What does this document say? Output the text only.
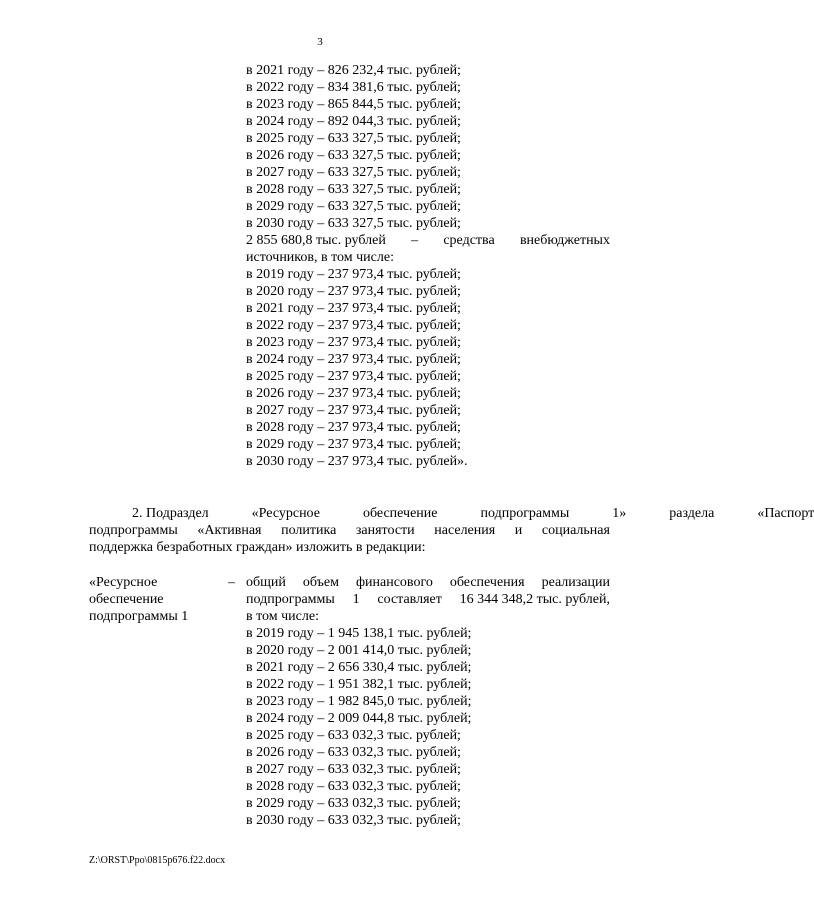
3
в 2021 году – 826 232,4 тыс. рублей;
в 2022 году – 834 381,6 тыс. рублей;
в 2023 году – 865 844,5 тыс. рублей;
в 2024 году – 892 044,3 тыс. рублей;
в 2025 году – 633 327,5 тыс. рублей;
в 2026 году – 633 327,5 тыс. рублей;
в 2027 году – 633 327,5 тыс. рублей;
в 2028 году – 633 327,5 тыс. рублей;
в 2029 году – 633 327,5 тыс. рублей;
в 2030 году – 633 327,5 тыс. рублей;
2 855 680,8 тыс. рублей – средства внебюджетных
источников, в том числе:
в 2019 году – 237 973,4 тыс. рублей;
в 2020 году – 237 973,4 тыс. рублей;
в 2021 году – 237 973,4 тыс. рублей;
в 2022 году – 237 973,4 тыс. рублей;
в 2023 году – 237 973,4 тыс. рублей;
в 2024 году – 237 973,4 тыс. рублей;
в 2025 году – 237 973,4 тыс. рублей;
в 2026 году – 237 973,4 тыс. рублей;
в 2027 году – 237 973,4 тыс. рублей;
в 2028 году – 237 973,4 тыс. рублей;
в 2029 году – 237 973,4 тыс. рублей;
в 2030 году – 237 973,4 тыс. рублей».
2. Подраздел	«Ресурсное	обеспечение	подпрограммы	1»	раздела	«Паспорт
подпрограммы «Активная политика занятости населения и социальная
поддержка безработных граждан» изложить в редакции:
«Ресурсное
обеспечение
подпрограммы 1
– общий объем финансового обеспечения реализации
подпрограммы 1 составляет 16 344 348,2 тыс. рублей,
в том числе:
в 2019 году – 1 945 138,1 тыс. рублей;
в 2020 году – 2 001 414,0 тыс. рублей;
в 2021 году – 2 656 330,4 тыс. рублей;
в 2022 году – 1 951 382,1 тыс. рублей;
в 2023 году – 1 982 845,0 тыс. рублей;
в 2024 году – 2 009 044,8 тыс. рублей;
в 2025 году – 633 032,3 тыс. рублей;
в 2026 году – 633 032,3 тыс. рублей;
в 2027 году – 633 032,3 тыс. рублей;
в 2028 году – 633 032,3 тыс. рублей;
в 2029 году – 633 032,3 тыс. рублей;
в 2030 году – 633 032,3 тыс. рублей;
Z:\ORST\Ppo\0815p676.f22.docx
